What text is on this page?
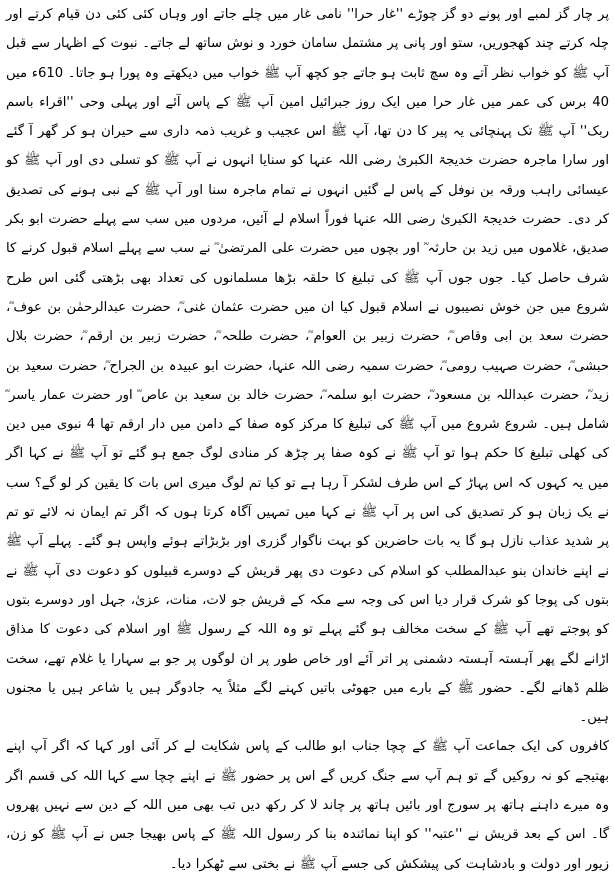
پر چار گز لمبے اور پونے دو گز چوڑے ''غار حرا'' نامی غار میں چلے جاتے اور وہاں کئی کئی دن قیام کرتے اور چلہ کرتے چند کھجوریں، ستو اور پانی پر مشتمل سامان خورد و نوش ساتھ لے جاتے۔ نبوت کے اظہار سے قبل آپ ﷺ کو خواب نظر آتے وہ سچ ثابت ہو جاتے جو کچھ آپ ﷺ خواب میں دیکھتے وہ پورا ہو جاتا۔ 610ء میں 40 برس کی عمر میں غار حرا میں ایک روز جبرائیل امین آپ ﷺ کے پاس آئے اور پہلی وحی ''اقراء باسم ربک'' آپ ﷺ تک پہنچائی یہ پیر کا دن تھا، آپ ﷺ اس عجیب و غریب ذمہ داری سے حیران ہو کر گھر آ گئے اور سارا ماجرہ حضرت خدیجۃ الکبریٰ رضی اللہ عنہا کو سنایا انہوں نے آپ ﷺ کو تسلی دی اور آپ ﷺ کو عیسائی راہب ورقہ بن نوفل کے پاس لے گئیں انہوں نے تمام ماجرہ سنا اور آپ ﷺ کے نبی ہونے کی تصدیق کر دی۔ حضرت خدیجۃ الکبریٰ رضی اللہ عنہا فوراً اسلام لے آئیں، مردوں میں سب سے پہلے حضرت ابو بکر صدیق، غلاموں میں زید بن حارثہ ؓ اور بچوں میں حضرت علی المرتضیٰ ؓ نے سب سے پہلے اسلام قبول کرنے کا شرف حاصل کیا۔ جوں جوں آپ ﷺ کی تبلیغ کا حلقہ بڑھا مسلمانوں کی تعداد بھی بڑھتی گئی اس طرح شروع میں جن خوش نصیبوں نے اسلام قبول کیا ان میں حضرت عثمان غنی ؓ، حضرت عبدالرحمٰن بن عوف ؓ، حضرت سعد بن ابی وقاص ؓ، حضرت زبیر بن العوام ؓ، حضرت طلحہ ؓ، حضرت زبیر بن ارقم ؓ، حضرت بلال حبشی ؓ، حضرت صہیب رومی ؓ، حضرت سمیہ رضی اللہ عنہا، حضرت ابو عبیدہ بن الجراح ؓ، حضرت سعید بن زید ؓ، حضرت عبداللہ بن مسعود ؓ، حضرت ابو سلمہ ؓ، حضرت خالد بن سعید بن عاص ؓ اور حضرت عمار یاسر ؓ شامل ہیں۔ شروع شروع میں آپ ﷺ کی تبلیغ کا مرکز کوہ صفا کے دامن میں دار ارقم تھا 4 نبوی میں دین کی کھلی تبلیغ کا حکم ہوا تو آپ ﷺ نے کوہ صفا پر چڑھ کر منادی لوگ جمع ہو گئے تو آپ ﷺ نے کہا اگر میں یہ کہوں کہ اس پہاڑ کے اس طرف لشکر آ رہا ہے تو کیا تم لوگ میری اس بات کا یقین کر لو گے؟ سب نے یک زبان ہو کر تصدیق کی اس پر آپ ﷺ نے کہا میں تمہیں آگاہ کرتا ہوں کہ اگر تم ایمان نہ لائے تو تم پر شدید عذاب نازل ہو گا یہ بات حاضرین کو بہت ناگوار گزری اور بڑبڑاتے ہوئے واپس ہو گئے۔ پہلے آپ ﷺ نے اپنے خاندان بنو عبدالمطلب کو اسلام کی دعوت دی پھر قریش کے دوسرے قبیلوں کو دعوت دی آپ ﷺ نے بتوں کی پوجا کو شرک قرار دیا اس کی وجہ سے مکہ کے قریش جو لات، منات، عزیٰ، جہل اور دوسرے بتوں کو پوجتے تھے آپ ﷺ کے سخت مخالف ہو گئے پہلے تو وہ اللہ کے رسول ﷺ اور اسلام کی دعوت کا مذاق اڑانے لگے پھر آہستہ آہستہ دشمنی پر اتر آئے اور خاص طور پر ان لوگوں پر جو بے سہارا یا غلام تھے، سخت ظلم ڈھانے لگے۔ حضور ﷺ کے بارے میں جھوٹی باتیں کہنے لگے مثلاً یہ جادوگر ہیں یا شاعر ہیں یا مجنوں ہیں۔

کافروں کی ایک جماعت آپ ﷺ کے چچا جناب ابو طالب کے پاس شکایت لے کر آئی اور کہا کہ اگر آپ اپنے بھتیجے کو نہ روکیں گے تو ہم آپ سے جنگ کریں گے اس پر حضور ﷺ نے اپنے چچا سے کہا اللہ کی قسم اگر وہ میرے داہنے ہاتھ پر سورج اور بائیں ہاتھ پر چاند لا کر رکھ دیں تب بھی میں اللہ کے دین سے نہیں پھروں گا۔ اس کے بعد قریش نے ''عتبہ'' کو اپنا نمائندہ بنا کر رسول اللہ ﷺ کے پاس بھیجا جس نے آپ ﷺ کو زن، زیور اور دولت و بادشاہت کی پیشکش کی جسے آپ ﷺ نے بختی سے ٹھکرا دیا۔
